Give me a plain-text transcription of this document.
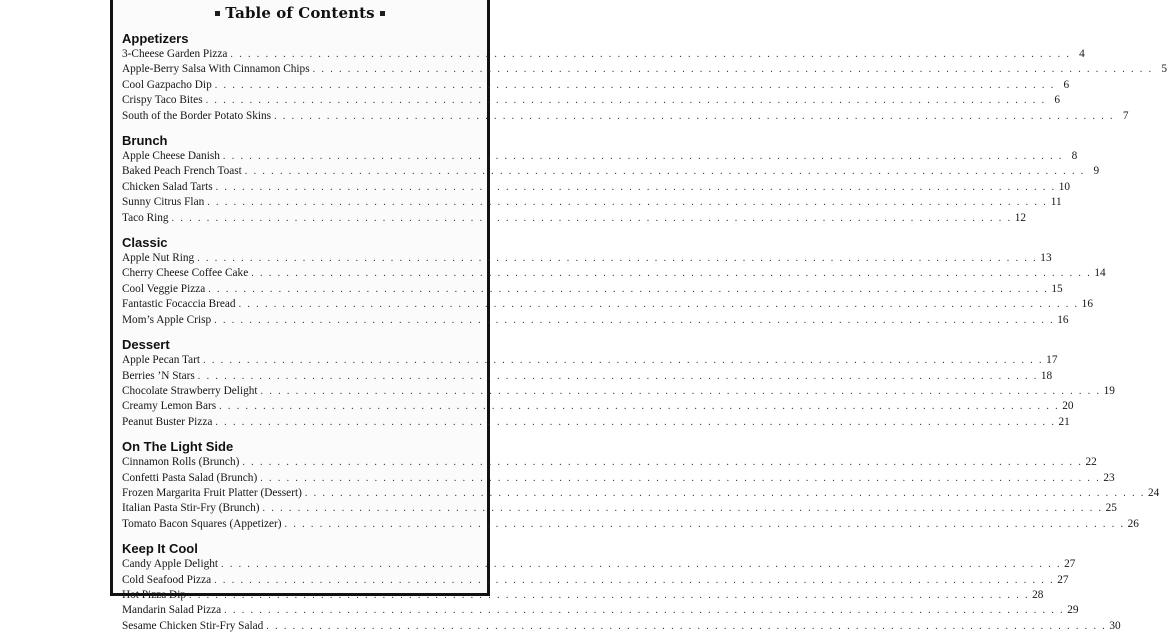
Table of Contents
Appetizers
3-Cheese Garden Pizza . . .	4
Apple-Berry Salsa With Cinnamon Chips . . .	5
Cool Gazpacho Dip . . .	6
Crispy Taco Bites . . .	6
South of the Border Potato Skins . . .	7
Brunch
Apple Cheese Danish . . .	8
Baked Peach French Toast . . .	9
Chicken Salad Tarts . . .	10
Sunny Citrus Flan . . .	11
Taco Ring . . .	12
Classic
Apple Nut Ring . . .	13
Cherry Cheese Coffee Cake . . .	14
Cool Veggie Pizza . . .	15
Fantastic Focaccia Bread . . .	16
Mom’s Apple Crisp . . .	16
Dessert
Apple Pecan Tart . . .	17
Berries ’N Stars . . .	18
Chocolate Strawberry Delight . . .	19
Creamy Lemon Bars . . .	20
Peanut Buster Pizza . . .	21
On The Light Side
Cinnamon Rolls (Brunch) . . .	22
Confetti Pasta Salad (Brunch) . . .	23
Frozen Margarita Fruit Platter (Dessert) . . .	24
Italian Pasta Stir-Fry (Brunch) . . .	25
Tomato Bacon Squares (Appetizer) . . .	26
Keep It Cool
Candy Apple Delight . . .	27
Cold Seafood Pizza . . .	27
Hot Pizza Dip . . .	28
Mandarin Salad Pizza . . .	29
Sesame Chicken Stir-Fry Salad . . .	30
